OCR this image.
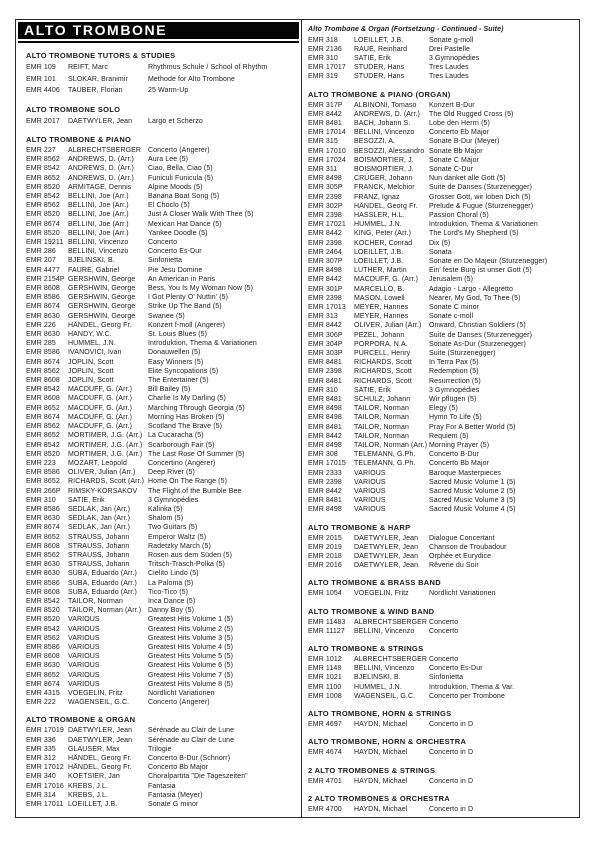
ALTO TROMBONE
ALTO TROMBONE TUTORS & STUDIES
EMR 109	REIFT, Marc	Rhythmus Schule / School of Rhythm
EMR 101	SLOKAR, Branimir	Methode for Alto Trombone
EMR 4406	TAUBER, Florian	25 Warm-Up
ALTO TROMBONE SOLO
EMR 2017	DAETWYLER, Jean	Largo et Scherzo
ALTO TROMBONE & PIANO
EMR 227	ALBRECHTSBERGER Concerto (Angerer)
EMR 8562	ANDREWS, D. (Arr.)	Aura Lee (5)
EMR 8542	ANDREWS, D. (Arr.)	Ciao, Bella, Ciao (5)
EMR 8652	ANDREWS, D. (Arr.)	Funiculi Funicula (5)
EMR 8520	ARMITAGE, Dennis	Alpine Moods (5)
EMR 8542	BELLINI, Joe (Arr.)	Banana Boat Song (5)
EMR 8562	BELLINI, Joe (Arr.)	El Choclo (5)
EMR 8520	BELLINI, Joe (Arr.)	Just A Closer Walk With Thee (5)
EMR 8674	BELLINI, Joe (Arr.)	Mexican Hat Dance (5)
EMR 8520	BELLINI, Joe (Arr.)	Yankee Doodle (5)
EMR 19211 BELLINI, Vincenzo	Concerto
EMR 286	BELLINI, Vincenzo	Concerto Es-Dur
EMR 207	BJELINSKI, B.	Sinfonietta
EMR 4477	FAURE, Gabriel	Pie Jesu Domine
EMR 2154P GERSHWIN, George	An American in Paris
EMR 8608	GERSHWIN, George	Bess, You Is My Woman Now (5)
EMR 8586	GERSHWIN, George	I Got Plenty O' Nuttin' (5)
EMR 8674	GERSHWIN, George	Strike Up The Band (5)
EMR 8630	GERSHWIN, George	Swanee (5)
EMR 226	HÄNDEL, Georg Fr.	Konzert f-moll (Angerer)
EMR 8630	HANDY, W.C.	St. Louis Blues (5)
EMR 285	HUMMEL, J.N.	Introduktion, Thema & Variationen
EMR 8586	IVANOVICI, Ivan	Donauwellen (5)
EMR 8674	JOPLIN, Scott	Easy Winners (5)
EMR 8562	JOPLIN, Scott	Elite Syncopations (5)
EMR 8608	JOPLIN, Scott	The Entertainer (5)
EMR 8542	MACDUFF, G. (Arr.)	Bill Bailey (5)
EMR 8608	MACDUFF, G. (Arr.)	Charlie Is My Darling (5)
EMR 8652	MACDUFF, G. (Arr.)	Marching Through Georgia (5)
EMR 8674	MACDUFF, G. (Arr.)	Morning Has Broken (5)
EMR 8562	MACDUFF, G. (Arr.)	Scotland The Brave (5)
EMR 8652	MORTIMER, J.G. (Arr.) La Cucaracha (5)
EMR 8542	MORTIMER, J.G. (Arr.) Scarborough Fair (5)
EMR 8520	MORTIMER, J.G. (Arr.) The Last Rose Of Summer (5)
EMR 223	MOZART, Leopold	Concertino (Angerer)
EMR 8586	OLIVER, Julian (Arr.)	Deep River (5)
EMR 8652	RICHARDS, Scott (Arr.) Home On The Range (5)
EMR 266P	RIMSKY-KORSAKOV	The Flight of the Bumble Bee
EMR 310	SATIE, Erik	3 Gymnopédies
EMR 8586	SEDLAK, Jan (Arr.)	Kalinka (5)
EMR 8630	SEDLAK, Jan (Arr.)	Shalom (5)
EMR 8674	SEDLAK, Jan (Arr.)	Two Guitars (5)
EMR 8652	STRAUSS, Johann	Emperor Waltz (5)
EMR 8608	STRAUSS, Johann	Radetzky March (5)
EMR 8562	STRAUSS, Johann	Rosen aus dem Süden (5)
EMR 8630	STRAUSS, Johann	Tritsch-Trasch-Polka (5)
EMR 8630	SUBA, Eduardo (Arr.)	Cielito Lindo (5)
EMR 8586	SUBA, Eduardo (Arr.)	La Paloma (5)
EMR 8608	SUBA, Eduardo (Arr.)	Tico-Tico (5)
EMR 8542	TAILOR, Norman	Inca Dance (5)
EMR 8520	TAILOR, Norman (Arr.) Danny Boy (5)
EMR 8520	VARIOUS	Greatest Hits Volume 1 (5)
EMR 8542	VARIOUS	Greatest Hits Volume 2 (5)
EMR 8562	VARIOUS	Greatest Hits Volume 3 (5)
EMR 8586	VARIOUS	Greatest Hits Volume 4 (5)
EMR 8608	VARIOUS	Greatest Hits Volume 5 (5)
EMR 8630	VARIOUS	Greatest Hits Volume 6 (5)
EMR 8652	VARIOUS	Greatest Hits Volume 7 (5)
EMR 8674	VARIOUS	Greatest Hits Volume 8 (5)
EMR 4315	VOEGELIN, Fritz	Nordlicht Variationen
EMR 222	WAGENSEIL, G.C.	Concerto (Angerer)
ALTO TROMBONE & ORGAN
EMR 17019 DAETWYLER, Jean	Sérénade au Clair de Lune
EMR 336	DAETWYLER, Jean	Sérénade au Clair de Lune
EMR 335	GLAUSER, Max	Trilogie
EMR 312	HÄNDEL, Georg Fr.	Concerto B-Dur (Schnorr)
EMR 17012 HÄNDEL, Georg Fr.	Concerto Bb Major
EMR 340	KOETSIER, Jan	Choralpartita "Die Tageszeiten"
EMR 17016 KREBS, J.L.	Fantasia
EMR 314	KREBS, J.L.	Fantasia (Meyer)
EMR 17011 LOEILLET, J.B.	Sonate G minor
Alto Trombone & Organ (Fortsetzung - Continued - Suite)
EMR 318	LOEILLET, J.B.	Sonate g-moll
EMR 2136	RAUE, Reinhard	Drei Pastelle
EMR 310	SATIE, Erik	3 Gymnopédies
EMR 17017	STUDER, Hans	Tres Laudes
EMR 319	STUDER, Hans	Tres Laudes
ALTO TROMBONE & PIANO (ORGAN)
EMR 317P	ALBINONI, Tomaso	Konzert B-Dur
EMR 8442	ANDREWS, D. (Arr.)	The Old Rugged Cross (5)
EMR 8481	BACH, Johann S.	Lobe den Herrn (5)
EMR 17014	BELLINI, Vincenzo	Concerto Eb Major
EMR 315	BESOZZI, A.	Sonate B-Dur (Meyer)
EMR 17010	BESOZZI, Alessandro Sonate Bb Major
EMR 17024	BOISMORTIER, J.	Sonate C Major
EMR 311	BOISMORTIER, J.	Sonate C-Dur
EMR 8498	CRÜGER, Johann	Nun danket alle Gott (5)
EMR 305P	FRANCK, Melchior	Suite de Danses (Sturzenegger)
EMR 2398	FRANZ, Ignaz	Grosser Gott, wir loben Dich (5)
EMR 302P	HÄNDEL, Georg Fr.	Prelude & Fugue (Sturzenegger)
EMR 2398	HASSLER, H.L.	Passion Choral (5)
EMR 17021	HUMMEL, J.N.	Introduktion, Thema & Variationen
EMR 8442	KING, Peter (Arr.)	The Lord's My Shepherd (5)
EMR 2398	KOCHER, Conrad	Dix (5)
EMR 2464	LOEILLET, J.B.	Sonata
EMR 307P	LOEILLET, J.B.	Sonate en Do Majeur (Sturzenegger)
EMR 8498	LUTHER, Martin	Ein' feste Burg ist unser Gott (5)
EMR 8442	MACDUFF, G. (Arr.)	Jerusalem (5)
EMR 301P	MARCELLO, B.	Adagio - Largo - Allegretto
EMR 2398	MASON, Lowell	Nearer, My God, To Thee (5)
EMR 17013	MEYER, Hannes	Sonate C minor
EMR 313	MEYER, Hannes	Sonate c-moll
EMR 8442	OLIVER, Julian (Arr.)	Onward, Christian Soldiers (5)
EMR 306P	PEZEL, Johann	Suite de Danses (Sturzenegger)
EMR 304P	PORPORA, N.A.	Sonate As-Dur (Sturzenegger)
EMR 303P	PURCELL, Henry	Suite (Sturzenegger)
EMR 8481	RICHARDS, Scott	In Terra Pax (5)
EMR 2398	RICHARDS, Scott	Redemption (5)
EMR 8481	RICHARDS, Scott	Resurrection (5)
EMR 310	SATIE, Erik	3 Gymnopédies
EMR 8481	SCHULZ, Johann	Wir pflügen (5)
EMR 8498	TAILOR, Norman	Elegy (5)
EMR 8498	TAILOR, Norman	Hymn To Life (5)
EMR 8481	TAILOR, Norman	Pray For A Better World (5)
EMR 8442	TAILOR, Norman	Requiem (5)
EMR 8498	TAILOR, Norman (Arr.) Morning Prayer (5)
EMR 308	TELEMANN, G.Ph.	Concerto B-Dur
EMR 17015	TELEMANN, G.Ph.	Concerto Bb Major
EMR 2333	VARIOUS	Baroque Masterpieces
EMR 2398	VARIOUS	Sacred Music Volume 1 (5)
EMR 8442	VARIOUS	Sacred Music Volume 2 (5)
EMR 8481	VARIOUS	Sacred Music Volume 3 (5)
EMR 8498	VARIOUS	Sacred Music Volume 4 (5)
ALTO TROMBONE & HARP
EMR 2015	DAETWYLER, Jean	Dialogue Concertant
EMR 2019	DAETWYLER, Jean	Chanson de Troubadour
EMR 2018	DAETWYLER, Jean	Orphée et Eurydice
EMR 2016	DAETWYLER, Jean	Rêverie du Soir
ALTO TROMBONE & BRASS BAND
EMR 1054	VOEGELIN, Fritz	Nordlicht Variationen
ALTO TROMBONE & WIND BAND
EMR 11483	ALBRECHTSBERGER Concerto
EMR 11127	BELLINI, Vincenzo	Concerto
ALTO TROMBONE & STRINGS
EMR 1012	ALBRECHTSBERGER Concerto
EMR 1148	BELLINI, Vincenzo	Concerto Es-Dur
EMR 1021	BJELINSKI, B.	Sinfonietta
EMR 1100	HUMMEL, J.N.	Introduktion, Thema & Var.
EMR 1008	WAGENSEIL, G.C.	Concerto per Trombone
ALTO TROMBONE, HORN & STRINGS
EMR 4697	HAYDN, Michael	Concerto in D
ALTO TROMBONE, HORN & ORCHESTRA
EMR 4674	HAYDN, Michael	Concerto in D
2 ALTO TROMBONES & STRINGS
EMR 4701	HAYDN, Michael	Concerto in D
2 ALTO TROMBONES & ORCHESTRA
EMR 4700	HAYDN, Michael	Concerto in D
